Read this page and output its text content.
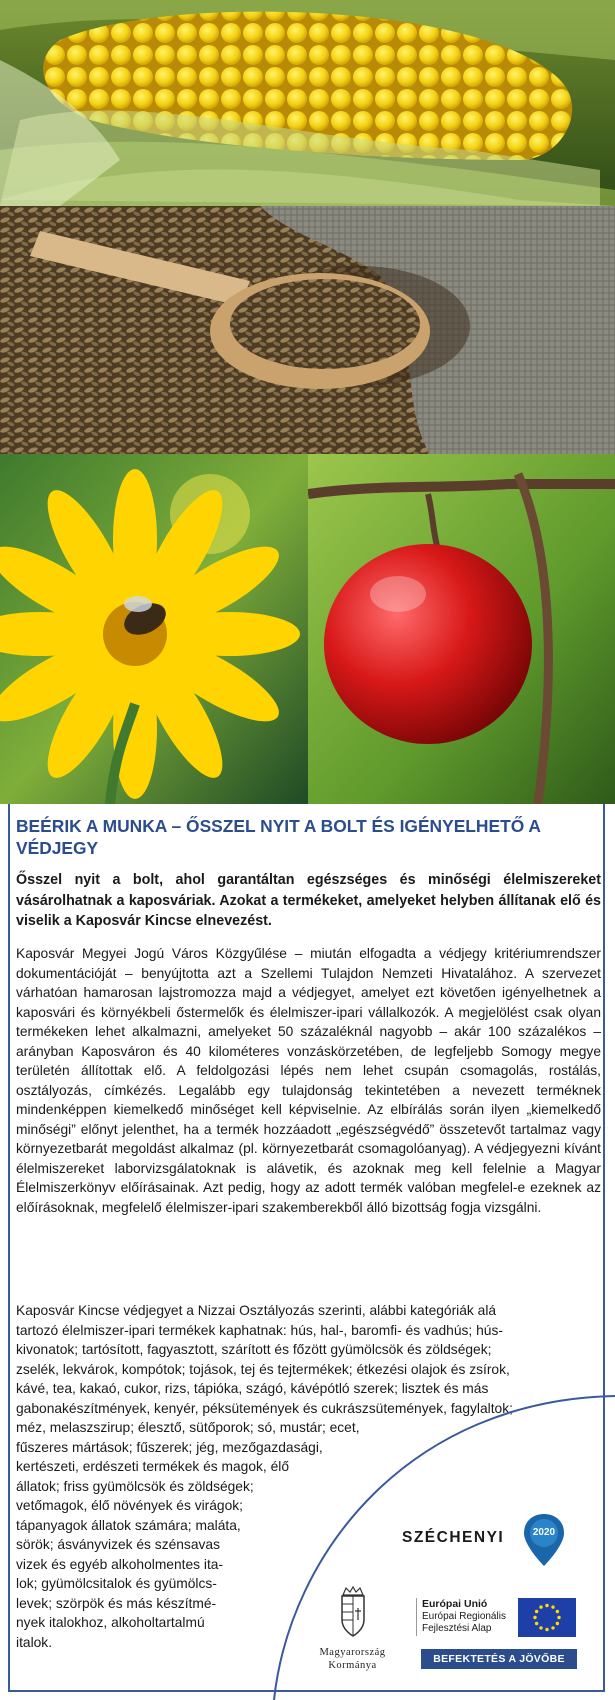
BEÉRIK A MUNKA – ŐSSZEL NYIT A BOLT ÉS IGÉNYELHETŐ A VÉDJEGY

Ősszel nyit a bolt, ahol garantáltan egészséges és minőségi élelmiszereket vásárolhatnak a kaposváriak. Azokat a termékeket, amelyeket helyben állítanak elő és viselik a Kaposvár Kincse elnevezést.

Kaposvár Megyei Jogú Város Közgyűlése – miután elfogadta a védjegy kritériumrendszer dokumentációját – benyújtotta azt a Szellemi Tulajdon Nemzeti Hivatalához. A szervezet várhatóan hamarosan lajstromozza majd a védjegyet, amelyet ezt követően igényelhetnek a kaposvári és környékbeli őstermelők és élelmiszer-ipari vállalkozók. A megjelölést csak olyan termékeken lehet alkalmazni, amelyeket 50 százaléknál nagyobb – akár 100 százalékos – arányban Kaposváron és 40 kilométeres vonzáskörzetében, de legfeljebb Somogy megye területén állítottak elő. A feldolgozási lépés nem lehet csupán csomagolás, rostálás, osztályozás, címkézés. Legalább egy tulajdonság tekintetében a nevezett terméknek mindenképpen kiemelkedő minőséget kell képviselnie. Az elbírálás során ilyen „kiemelkedő minőségi” előnyt jelenthet, ha a termék hozzáadott „egészségvédő” összetevőt tartalmaz vagy környezetbarát megoldást alkalmaz (pl. környezetbarát csomagolóanyag). A védjegyezni kívánt élelmiszereket laborvizsgálatoknak is alávetik, és azoknak meg kell felelnie a Magyar Élelmiszerkönyv előírásainak. Azt pedig, hogy az adott termék valóban megfelel-e ezeknek az előírásoknak, megfelelő élelmiszer-ipari szakemberekből álló bizottság fogja vizsgálni.

Kaposvár Kincse védjegyet a Nizzai Osztályozás szerinti, alábbi kategóriák alá
tartozó élelmiszer-ipari termékek kaphatnak: hús, hal-, baromfi- és vadhús; hús-
kivonatok; tartósított, fagyasztott, szárított és főzött gyümölcsök és zöldségek;
zselék, lekvárok, kompótok; tojások, tej és tejtermékek; étkezési olajok és zsírok,
kávé, tea, kakaó, cukor, rizs, tápióka, szágó, kávépótló szerek; lisztek és más
gabonakészítmények, kenyér, péksütemények és cukrászsütemények, fagylaltok;
méz, melaszszirup; élesztő, sütőporok; só, mustár; ecet,
fűszeres mártások; fűszerek; jég, mezőgazdasági,
kertészeti, erdészeti termékek és magok, élő
állatok; friss gyümölcsök és zöldségek;
vetőmagok, élő növények és virágok;
tápanyagok állatok számára; maláta,
sörök; ásványvizek és szénsavas
vizek és egyéb alkoholmentes ita-
lok; gyümölcsitalok és gyümölcs-
levek; szörpök és más készítmé-
nyek italokhoz, alkoholtartalmú
italok.

SZÉCHENYI	2020
Magyarország
Kormánya
Európai Unió
Európai Regionális
Fejlesztési Alap
BEFEKTETÉS A JÖVŐBE
